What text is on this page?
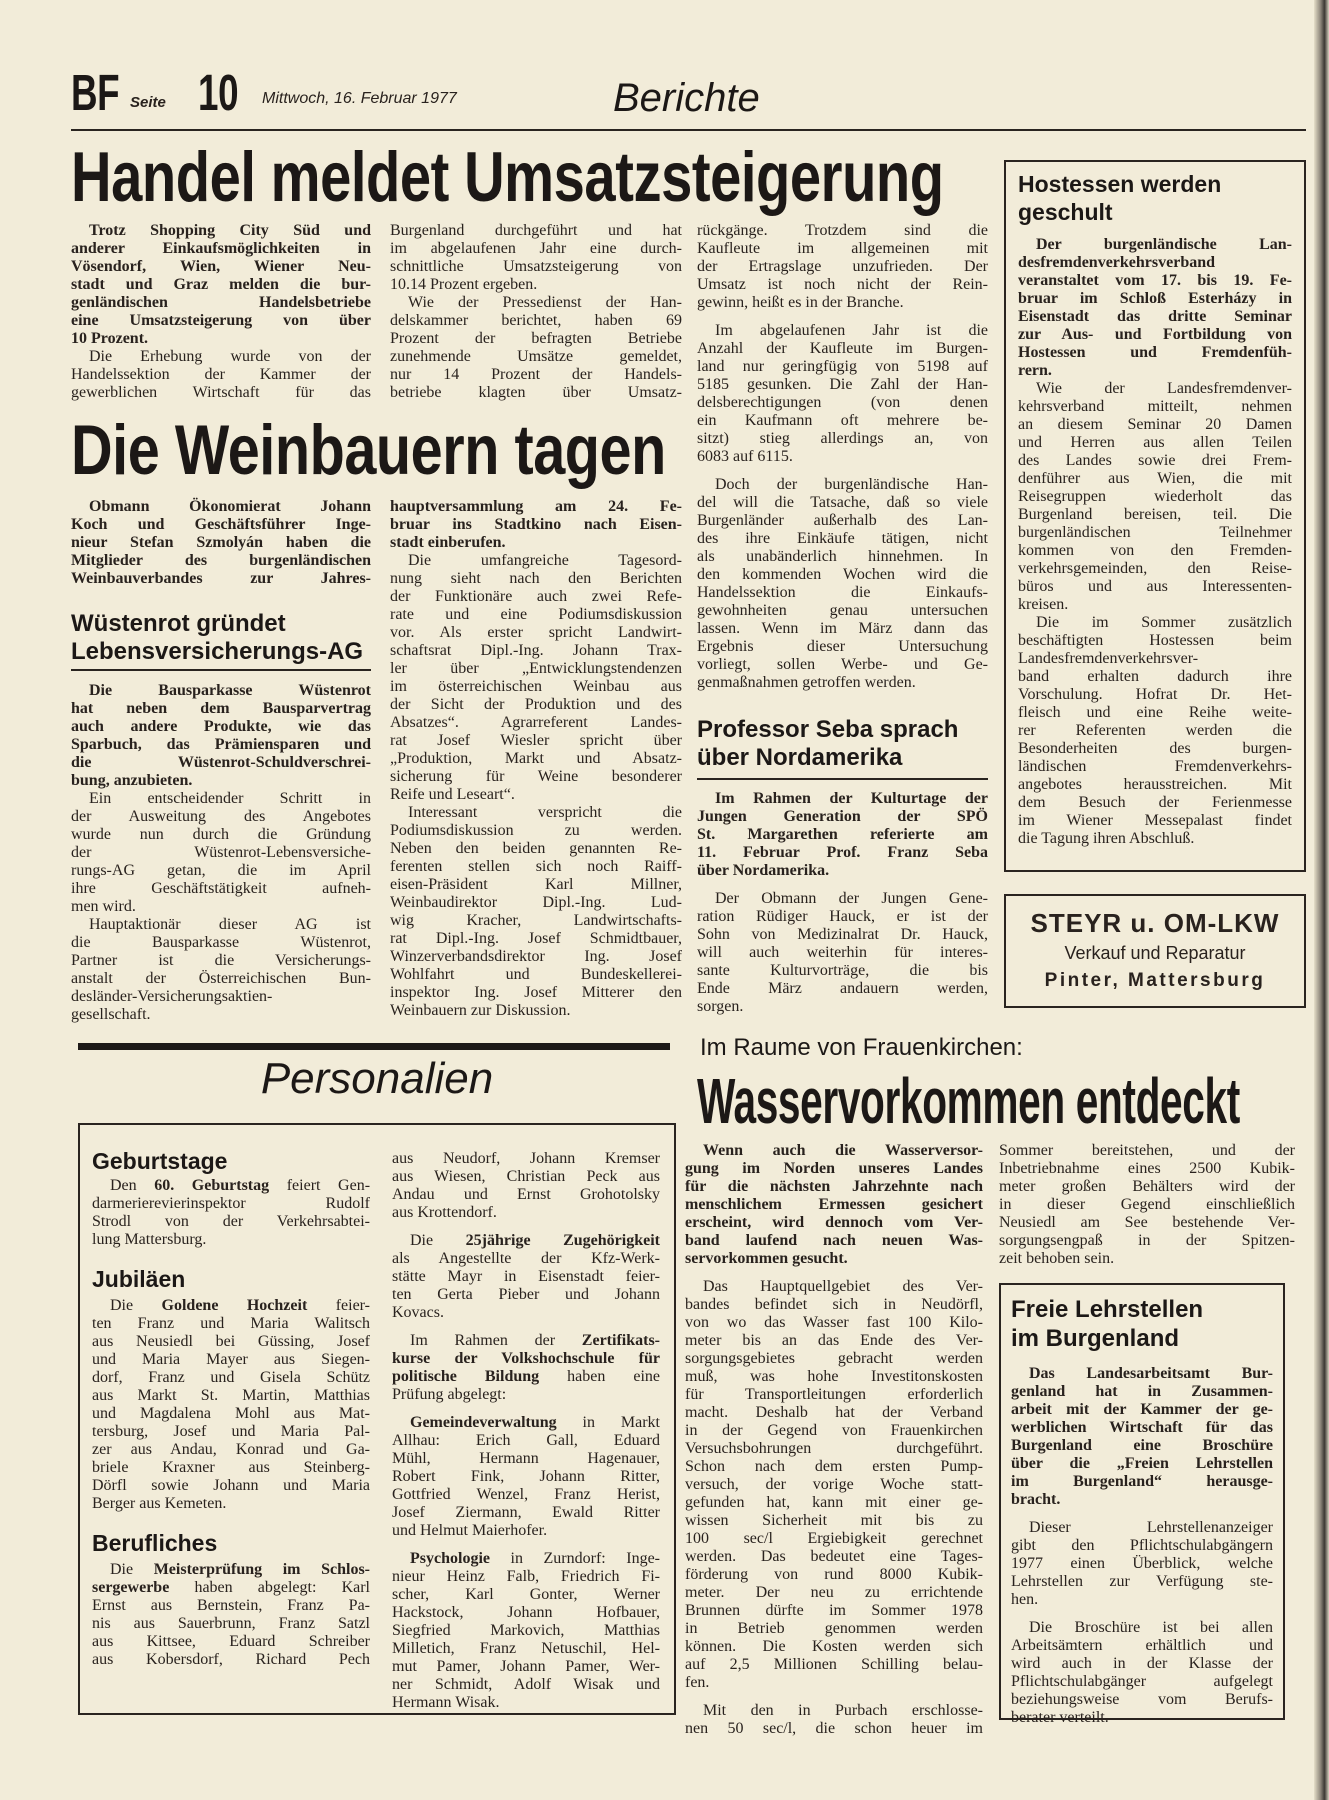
BF Seite 10 Mittwoch, 16. Februar 1977	Berichte
Handel meldet Umsatzsteigerung
Trotz Shopping City Süd und
anderer Einkaufsmöglichkeiten in
Vösendorf, Wien, Wiener Neu-
stadt und Graz melden die bur-
genländischen Handelsbetriebe
eine Umsatzsteigerung von über
10 Prozent.
Die Erhebung wurde von der
Handelssektion der Kammer der
gewerblichen Wirtschaft für das
Burgenland durchgeführt und hat
im abgelaufenen Jahr eine durch-
schnittliche Umsatzsteigerung von
10.14 Prozent ergeben.
Wie der Pressedienst der Han-
delskammer berichtet, haben 69
Prozent der befragten Betriebe
zunehmende Umsätze gemeldet,
nur 14 Prozent der Handels-
betriebe klagten über Umsatz-
rückgänge. Trotzdem sind die
Kaufleute im allgemeinen mit
der Ertragslage unzufrieden. Der
Umsatz ist noch nicht der Rein-
gewinn, heißt es in der Branche.
Im abgelaufenen Jahr ist die
Anzahl der Kaufleute im Burgen-
land nur geringfügig von 5198 auf
5185 gesunken. Die Zahl der Han-
delsberechtigungen (von denen
ein Kaufmann oft mehrere be-
sitzt) stieg allerdings an, von
6083 auf 6115.
Doch der burgenländische Han-
del will die Tatsache, daß so viele
Burgenländer außerhalb des Lan-
des ihre Einkäufe tätigen, nicht
als unabänderlich hinnehmen. In
den kommenden Wochen wird die
Handelssektion die Einkaufs-
gewohnheiten genau untersuchen
lassen. Wenn im März dann das
Ergebnis dieser Untersuchung
vorliegt, sollen Werbe- und Ge-
genmaßnahmen getroffen werden.
Hostessen werden
geschult
Der burgenländische Lan-
desfremdenverkehrsverband
veranstaltet vom 17. bis 19. Fe-
bruar im Schloß Esterházy in
Eisenstadt das dritte Seminar
zur Aus- und Fortbildung von
Hostessen und Fremdenfüh-
rern.
Wie der Landesfremdenver-
kehrsverband mitteilt, nehmen
an diesem Seminar 20 Damen
und Herren aus allen Teilen
des Landes sowie drei Frem-
denführer aus Wien, die mit
Reisegruppen wiederholt das
Burgenland bereisen, teil. Die
burgenländischen Teilnehmer
kommen von den Fremden-
verkehrsgemeinden, den Reise-
büros und aus Interessenten-
kreisen.
Die im Sommer zusätzlich
beschäftigten Hostessen beim
Landesfremdenverkehrsver-
band erhalten dadurch ihre
Vorschulung. Hofrat Dr. Het-
fleisch und eine Reihe weite-
rer Referenten werden die
Besonderheiten des burgen-
ländischen Fremdenverkehrs-
angebotes herausstreichen. Mit
dem Besuch der Ferienmesse
im Wiener Messepalast findet
die Tagung ihren Abschluß.
Die Weinbauern tagen
Obmann Ökonomierat Johann
Koch und Geschäftsführer Inge-
nieur Stefan Szmolyán haben die
Mitglieder des burgenländischen
Weinbauverbandes zur Jahres-
hauptversammlung am 24. Fe-
bruar ins Stadtkino nach Eisen-
stadt einberufen.
Die umfangreiche Tagesord-
nung sieht nach den Berichten
der Funktionäre auch zwei Refe-
rate und eine Podiumsdiskussion
vor. Als erster spricht Landwirt-
schaftsrat Dipl.-Ing. Johann Trax-
ler über „Entwicklungstendenzen
im österreichischen Weinbau aus
der Sicht der Produktion und des
Absatzes“. Agrarreferent Landes-
rat Josef Wiesler spricht über
„Produktion, Markt und Absatz-
sicherung für Weine besonderer
Reife und Leseart“.
Interessant verspricht die
Podiumsdiskussion zu werden.
Neben den beiden genannten Re-
ferenten stellen sich noch Raiff-
eisen-Präsident Karl Millner,
Weinbaudirektor Dipl.-Ing. Lud-
wig Kracher, Landwirtschafts-
rat Dipl.-Ing. Josef Schmidtbauer,
Winzerverbandsdirektor Ing. Josef
Wohlfahrt und Bundeskellerei-
inspektor Ing. Josef Mitterer den
Weinbauern zur Diskussion.
Wüstenrot gründet
Lebensversicherungs-AG
Die Bausparkasse Wüstenrot
hat neben dem Bausparvertrag
auch andere Produkte, wie das
Sparbuch, das Prämiensparen und
die Wüstenrot-Schuldverschrei-
bung, anzubieten.
Ein entscheidender Schritt in
der Ausweitung des Angebotes
wurde nun durch die Gründung
der Wüstenrot-Lebensversiche-
rungs-AG getan, die im April
ihre Geschäftstätigkeit aufneh-
men wird.
Hauptaktionär dieser AG ist
die Bausparkasse Wüstenrot,
Partner ist die Versicherungs-
anstalt der Österreichischen Bun-
desländer-Versicherungsaktien-
gesellschaft.
Professor Seba sprach
über Nordamerika
Im Rahmen der Kulturtage der
Jungen Generation der SPÖ
St. Margarethen referierte am
11. Februar Prof. Franz Seba
über Nordamerika.
Der Obmann der Jungen Gene-
ration Rüdiger Hauck, er ist der
Sohn von Medizinalrat Dr. Hauck,
will auch weiterhin für interes-
sante Kulturvorträge, die bis
Ende März andauern werden,
sorgen.
STEYR u. OM-LKW
Verkauf und Reparatur
Pinter, Mattersburg
Personalien
Geburtstage
Den 60. Geburtstag feiert Gen-
darmerierevierinspektor Rudolf
Strodl von der Verkehrsabtei-
lung Mattersburg.
Jubiläen
Die Goldene Hochzeit feier-
ten Franz und Maria Walitsch
aus Neusiedl bei Güssing, Josef
und Maria Mayer aus Siegen-
dorf, Franz und Gisela Schütz
aus Markt St. Martin, Matthias
und Magdalena Mohl aus Mat-
tersburg, Josef und Maria Pal-
zer aus Andau, Konrad und Ga-
briele Kraxner aus Steinberg-
Dörfl sowie Johann und Maria
Berger aus Kemeten.
Berufliches
Die Meisterprüfung im Schlos-
sergewerbe haben abgelegt: Karl
Ernst aus Bernstein, Franz Pa-
nis aus Sauerbrunn, Franz Satzl
aus Kittsee, Eduard Schreiber
aus Kobersdorf, Richard Pech
aus Neudorf, Johann Kremser
aus Wiesen, Christian Peck aus
Andau und Ernst Grohotolsky
aus Krottendorf.
Die 25jährige Zugehörigkeit
als Angestellte der Kfz-Werk-
stätte Mayr in Eisenstadt feier-
ten Gerta Pieber und Johann
Kovacs.
Im Rahmen der Zertifikats-
kurse der Volkshochschule für
politische Bildung haben eine
Prüfung abgelegt:
Gemeindeverwaltung in Markt
Allhau: Erich Gall, Eduard
Mühl, Hermann Hagenauer,
Robert Fink, Johann Ritter,
Gottfried Wenzel, Franz Herist,
Josef Ziermann, Ewald Ritter
und Helmut Maierhofer.
Psychologie in Zurndorf: Inge-
nieur Heinz Falb, Friedrich Fi-
scher, Karl Gonter, Werner
Hackstock, Johann Hofbauer,
Siegfried Markovich, Matthias
Milletich, Franz Netuschil, Hel-
mut Pamer, Johann Pamer, Wer-
ner Schmidt, Adolf Wisak und
Hermann Wisak.
Im Raume von Frauenkirchen:
Wasservorkommen entdeckt
Wenn auch die Wasserversor-
gung im Norden unseres Landes
für die nächsten Jahrzehnte nach
menschlichem Ermessen gesichert
erscheint, wird dennoch vom Ver-
band laufend nach neuen Was-
servorkommen gesucht.
Das Hauptquellgebiet des Ver-
bandes befindet sich in Neudörfl,
von wo das Wasser fast 100 Kilo-
meter bis an das Ende des Ver-
sorgungsgebietes gebracht werden
muß, was hohe Investitonskosten
für Transportleitungen erforderlich
macht. Deshalb hat der Verband
in der Gegend von Frauenkirchen
Versuchsbohrungen durchgeführt.
Schon nach dem ersten Pump-
versuch, der vorige Woche statt-
gefunden hat, kann mit einer ge-
wissen Sicherheit mit bis zu
100 sec/l Ergiebigkeit gerechnet
werden. Das bedeutet eine Tages-
förderung von rund 8000 Kubik-
meter. Der neu zu errichtende
Brunnen dürfte im Sommer 1978
in Betrieb genommen werden
können. Die Kosten werden sich
auf 2,5 Millionen Schilling belau-
fen.
Mit den in Purbach erschlosse-
nen 50 sec/l, die schon heuer im
Sommer bereitstehen, und der
Inbetriebnahme eines 2500 Kubik-
meter großen Behälters wird der
in dieser Gegend einschließlich
Neusiedl am See bestehende Ver-
sorgungsengpaß in der Spitzen-
zeit behoben sein.
Freie Lehrstellen
im Burgenland
Das Landesarbeitsamt Bur-
genland hat in Zusammen-
arbeit mit der Kammer der ge-
werblichen Wirtschaft für das
Burgenland eine Broschüre
über die „Freien Lehrstellen
im Burgenland“ herausge-
bracht.
Dieser Lehrstellenanzeiger
gibt den Pflichtschulabgängern
1977 einen Überblick, welche
Lehrstellen zur Verfügung ste-
hen.
Die Broschüre ist bei allen
Arbeitsämtern erhältlich und
wird auch in der Klasse der
Pflichtschulabgänger aufgelegt
beziehungsweise vom Berufs-
berater verteilt.
